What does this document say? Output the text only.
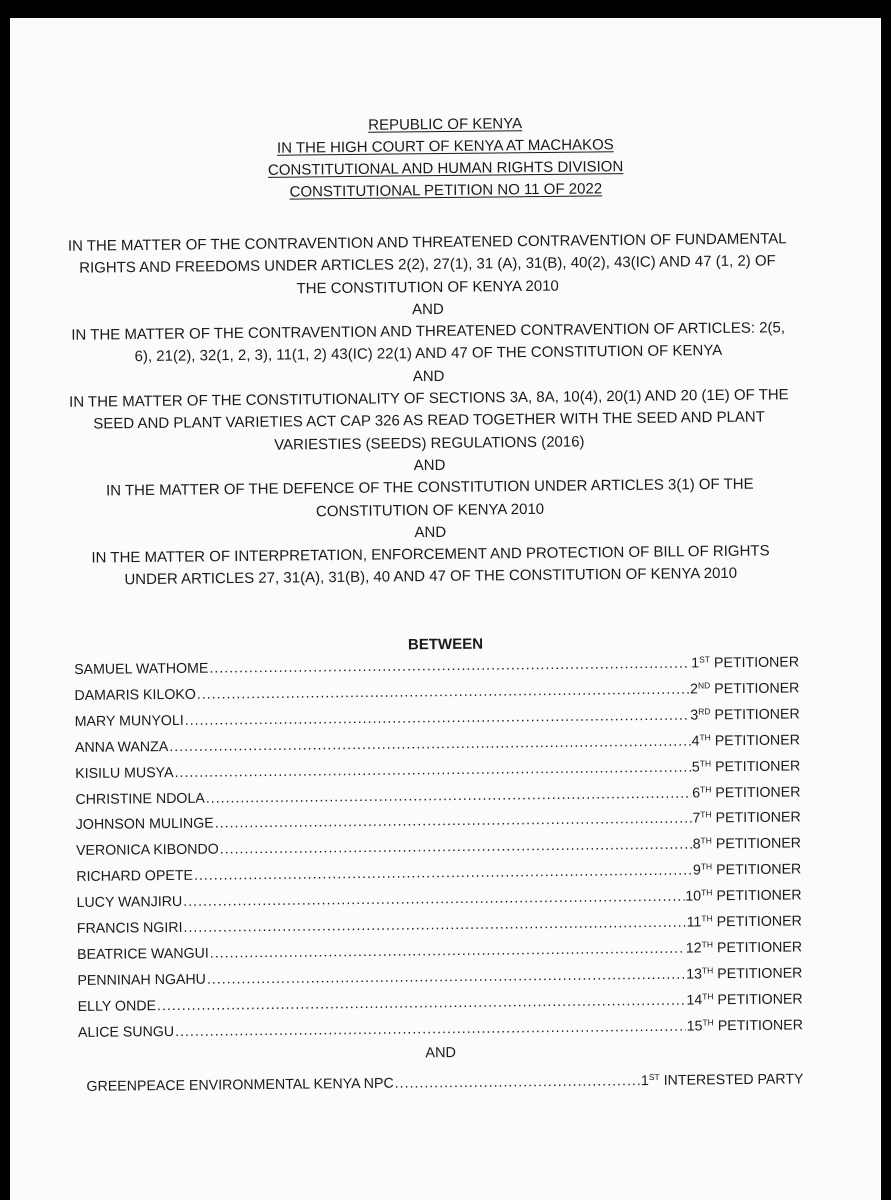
REPUBLIC OF KENYA
IN THE HIGH COURT OF KENYA AT MACHAKOS
CONSTITUTIONAL AND HUMAN RIGHTS DIVISION
CONSTITUTIONAL PETITION NO 11 OF 2022

IN THE MATTER OF THE CONTRAVENTION AND THREATENED CONTRAVENTION OF FUNDAMENTAL RIGHTS AND FREEDOMS UNDER ARTICLES 2(2), 27(1), 31 (A), 31(B), 40(2), 43(IC) AND 47 (1, 2) OF THE CONSTITUTION OF KENYA 2010

AND

IN THE MATTER OF THE CONTRAVENTION AND THREATENED CONTRAVENTION OF ARTICLES: 2(5, 6), 21(2), 32(1, 2, 3), 11(1, 2) 43(IC) 22(1) AND 47 OF THE CONSTITUTION OF KENYA

AND

IN THE MATTER OF THE CONSTITUTIONALITY OF SECTIONS 3A, 8A, 10(4), 20(1) AND 20 (1E) OF THE SEED AND PLANT VARIETIES ACT CAP 326 AS READ TOGETHER WITH THE SEED AND PLANT VARIESTIES (SEEDS) REGULATIONS (2016)

AND

IN THE MATTER OF THE DEFENCE OF THE CONSTITUTION UNDER ARTICLES 3(1) OF THE CONSTITUTION OF KENYA 2010

AND

IN THE MATTER OF INTERPRETATION, ENFORCEMENT AND PROTECTION OF BILL OF RIGHTS UNDER ARTICLES 27, 31(A), 31(B), 40 AND 47 OF THE CONSTITUTION OF KENYA 2010

BETWEEN
SAMUEL WATHOME .....	1ST PETITIONER
DAMARIS KILOKO .....	2ND PETITIONER
MARY MUNYOLI .....	3RD PETITIONER
ANNA WANZA .....	4TH PETITIONER
KISILU MUSYA .....	5TH PETITIONER
CHRISTINE NDOLA .....	6TH PETITIONER
JOHNSON MULINGE .....	7TH PETITIONER
VERONICA KIBONDO .....	8TH PETITIONER
RICHARD OPETE .....	9TH PETITIONER
LUCY WANJIRU .....	10TH PETITIONER
FRANCIS NGIRI .....	11TH PETITIONER
BEATRICE WANGUI .....	12TH PETITIONER
PENNINAH NGAHU .....	13TH PETITIONER
ELLY ONDE .....	14TH PETITIONER
ALICE SUNGU .....	15TH PETITIONER
AND
GREENPEACE ENVIRONMENTAL KENYA NPC .....	1ST INTERESTED PARTY
